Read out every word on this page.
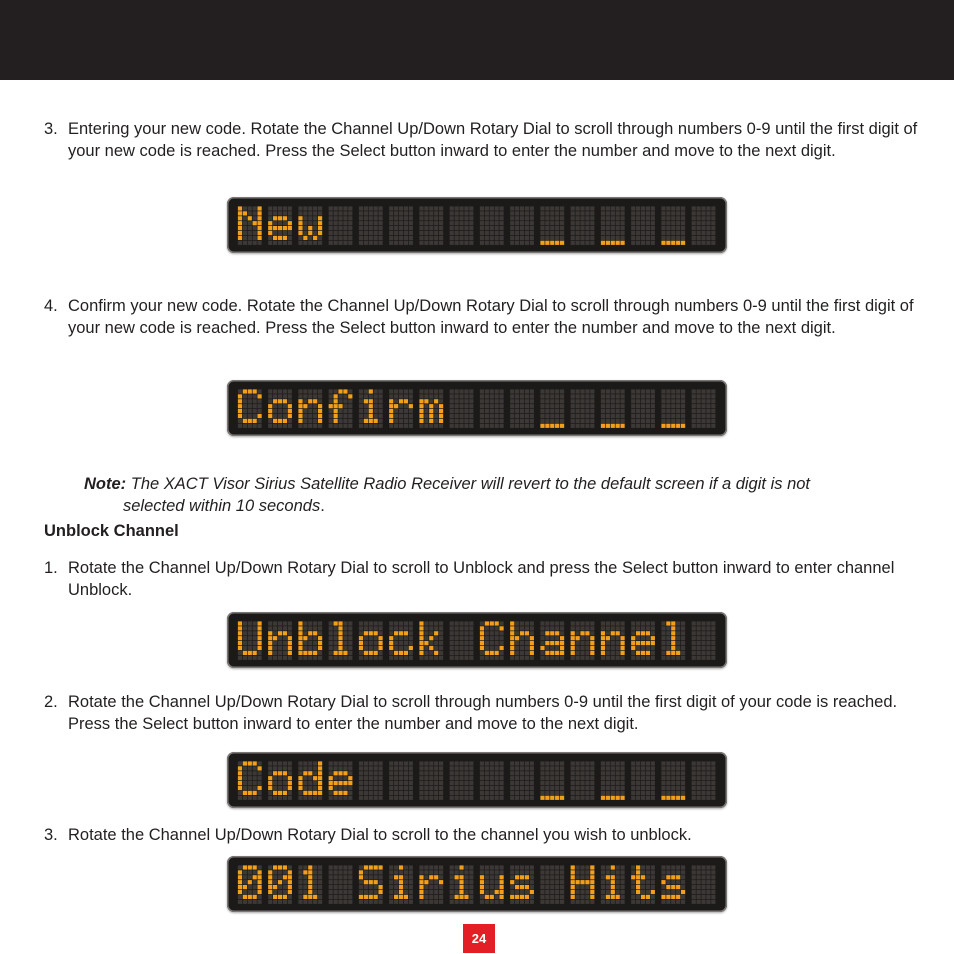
3. Entering your new code. Rotate the Channel Up/Down Rotary Dial to scroll through numbers 0-9 until the first digit of your new code is reached. Press the Select button inward to enter the number and move to the next digit.
4. Confirm your new code. Rotate the Channel Up/Down Rotary Dial to scroll through numbers 0-9 until the first digit of your new code is reached. Press the Select button inward to enter the number and move to the next digit.
Note: The XACT Visor Sirius Satellite Radio Receiver will revert to the default screen if a digit is not
selected within 10 seconds.
Unblock Channel
1. Rotate the Channel Up/Down Rotary Dial to scroll to Unblock and press the Select button inward to enter channel Unblock.
2. Rotate the Channel Up/Down Rotary Dial to scroll through numbers 0-9 until the first digit of your code is reached. Press the Select button inward to enter the number and move to the next digit.
3. Rotate the Channel Up/Down Rotary Dial to scroll to the channel you wish to unblock.
24
